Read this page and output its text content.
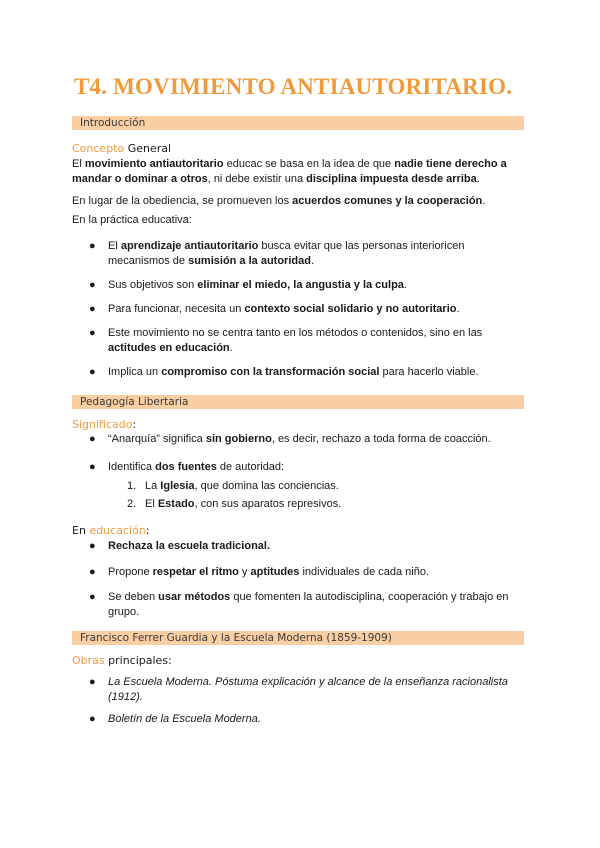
T4. MOVIMIENTO ANTIAUTORITARIO.
Introducción
Concepto General
El movimiento antiautoritario educac se basa en la idea de que nadie tiene derecho a
mandar o dominar a otros, ni debe existir una disciplina impuesta desde arriba.
En lugar de la obediencia, se promueven los acuerdos comunes y la cooperación.
En la práctica educativa:
● El aprendizaje antiautoritario busca evitar que las personas interioricen
mecanismos de sumisión a la autoridad.
● Sus objetivos son eliminar el miedo, la angustia y la culpa.
● Para funcionar, necesita un contexto social solidario y no autoritario.
● Este movimiento no se centra tanto en los métodos o contenidos, sino en las
actitudes en educación.
● Implica un compromiso con la transformación social para hacerlo viable.
Pedagogía Libertaria
Significado:
● “Anarquía” significa sin gobierno, es decir, rechazo a toda forma de coacción.
● Identifica dos fuentes de autoridad:
1. La Iglesia, que domina las conciencias.
2. El Estado, con sus aparatos represivos.
En educación:
● Rechaza la escuela tradicional.
● Propone respetar el ritmo y aptitudes individuales de cada niño.
● Se deben usar métodos que fomenten la autodisciplina, cooperación y trabajo en
grupo.
Francisco Ferrer Guardia y la Escuela Moderna (1859-1909)
Obras principales:
● La Escuela Moderna. Póstuma explicación y alcance de la enseñanza racionalista
(1912).
● Boletín de la Escuela Moderna.
